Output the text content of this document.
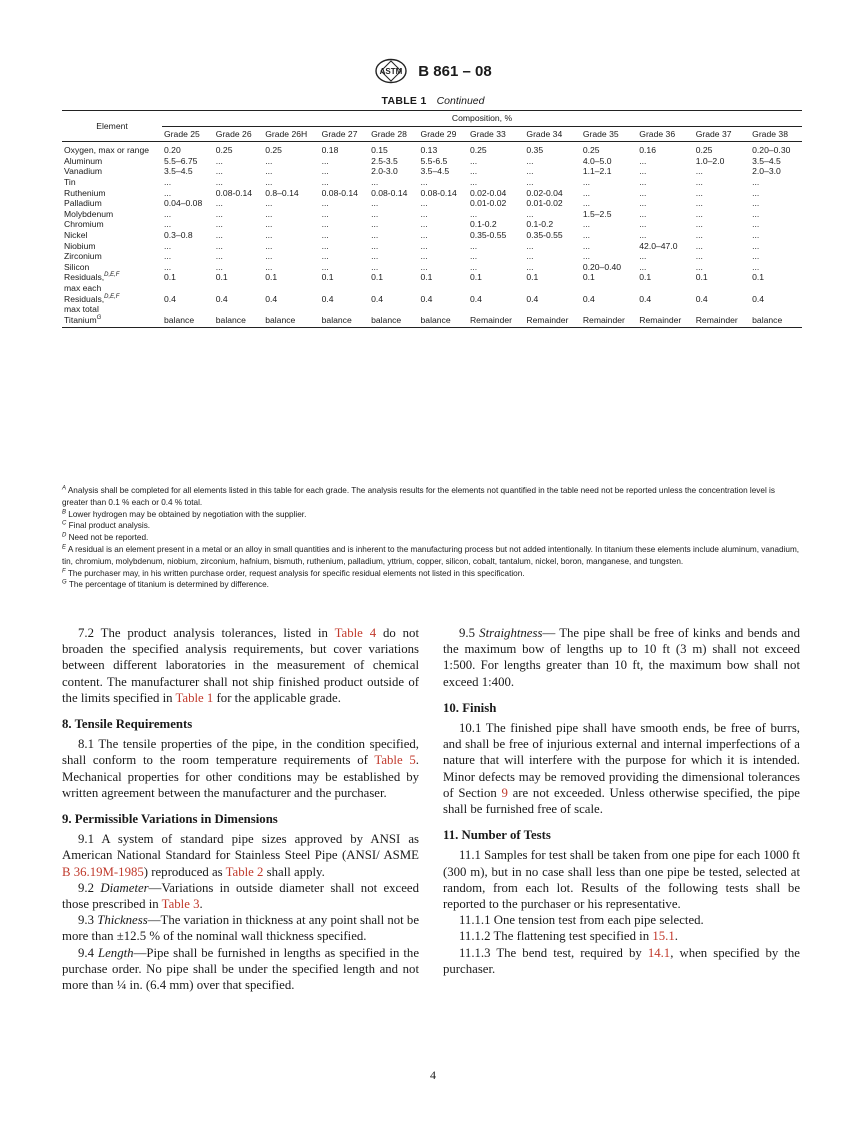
ASTM B 861 – 08
TABLE 1 Continued
Element	Composition, %											
	Grade 25	Grade 26	Grade 26H	Grade 27	Grade 28	Grade 29	Grade 33	Grade 34	Grade 35	Grade 36	Grade 37	Grade 38
Oxygen, max or range	0.20	0.25	0.25	0.18	0.15	0.13	0.25	0.35	0.25	0.16	0.25	0.20–0.30
Aluminum	5.5–6.75	...	...	...	2.5-3.5	5.5-6.5	...	...	4.0–5.0	...	1.0–2.0	3.5–4.5
Vanadium	3.5–4.5	...	...	...	2.0-3.0	3.5–4.5	...	...	1.1–2.1	...	...	2.0–3.0
Tin	...	...	...	...	...	...	...	...	...	...	...	...
Ruthenium	...	0.08-0.14	0.8–0.14	0.08-0.14	0.08-0.14	0.08-0.14	0.02-0.04	0.02-0.04	...	...	...	...
Palladium	0.04–0.08	...	...	...	...	...	0.01-0.02	0.01-0.02	...	...	...	...
Molybdenum	...	...	...	...	...	...	...	...	1.5–2.5	...	...	...
Chromium	...	...	...	...	...	...	0.1-0.2	0.1-0.2	...	...	...	...
Nickel	0.3–0.8	...	...	...	...	...	0.35-0.55	0.35-0.55	...	...	...	...
Niobium	...	...	...	...	...	...	...	...	...	42.0–47.0	...	...
Zirconium	...	...	...	...	...	...	...	...	...	...	...	...
Silicon	...	...	...	...	...	...	...	...	0.20–0.40	...	...	...
Residuals,$^{D,E,F}$
max each	0.1	0.1	0.1	0.1	0.1	0.1	0.1	0.1	0.1	0.1	0.1	0.1
Residuals,$^{D,E,F}$
max total	0.4	0.4	0.4	0.4	0.4	0.4	0.4	0.4	0.4	0.4	0.4	0.4
Titanium$^G$	balance	balance	balance	balance	balance	balance	Remainder	Remainder	Remainder	Remainder	Remainder	balance

$^A$ Analysis shall be completed for all elements listed in this table for each grade. The analysis results for the elements not quantified in the table need not be reported unless the concentration level is greater than 0.1 % each or 0.4 % total.

$^B$ Lower hydrogen may be obtained by negotiation with the supplier.

$^C$ Final product analysis.

$^D$ Need not be reported.

$^E$ A residual is an element present in a metal or an alloy in small quantities and is inherent to the manufacturing process but not added intentionally. In titanium these elements include aluminum, vanadium, tin, chromium, molybdenum, niobium, zirconium, hafnium, bismuth, ruthenium, palladium, yttrium, copper, silicon, cobalt, tantalum, nickel, boron, manganese, and tungsten.

$^F$ The purchaser may, in his written purchase order, request analysis for specific residual elements not listed in this specification.

$^G$ The percentage of titanium is determined by difference.

7.2 The product analysis tolerances, listed in Table 4 do not broaden the specified analysis requirements, but cover variations between different laboratories in the measurement of chemical content. The manufacturer shall not ship finished product outside of the limits specified in Table 1 for the applicable grade.

8. Tensile Requirements

8.1 The tensile properties of the pipe, in the condition specified, shall conform to the room temperature requirements of Table 5. Mechanical properties for other conditions may be established by written agreement between the manufacturer and the purchaser.

9. Permissible Variations in Dimensions

9.1 A system of standard pipe sizes approved by ANSI as American National Standard for Stainless Steel Pipe (ANSI/ ASME B 36.19M-1985) reproduced as Table 2 shall apply.

9.2 Diameter—Variations in outside diameter shall not exceed those prescribed in Table 3.

9.3 Thickness—The variation in thickness at any point shall not be more than ±12.5 % of the nominal wall thickness specified.

9.4 Length—Pipe shall be furnished in lengths as specified in the purchase order. No pipe shall be under the specified length and not more than ¼ in. (6.4 mm) over that specified.

9.5 Straightness— The pipe shall be free of kinks and bends and the maximum bow of lengths up to 10 ft (3 m) shall not exceed 1:500. For lengths greater than 10 ft, the maximum bow shall not exceed 1:400.

10. Finish

10.1 The finished pipe shall have smooth ends, be free of burrs, and shall be free of injurious external and internal imperfections of a nature that will interfere with the purpose for which it is intended. Minor defects may be removed providing the dimensional tolerances of Section 9 are not exceeded. Unless otherwise specified, the pipe shall be furnished free of scale.

11. Number of Tests

11.1 Samples for test shall be taken from one pipe for each 1000 ft (300 m), but in no case shall less than one pipe be tested, selected at random, from each lot. Results of the following tests shall be reported to the purchaser or his representative.

11.1.1 One tension test from each pipe selected.

11.1.2 The flattening test specified in 15.1.

11.1.3 The bend test, required by 14.1, when specified by the purchaser.

4
